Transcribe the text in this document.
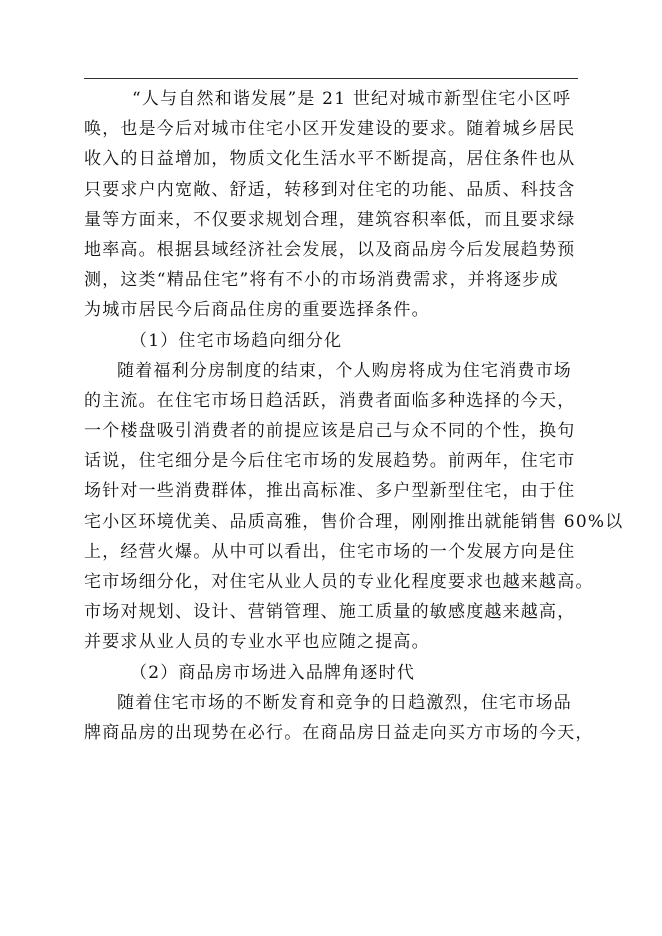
“人与自然和谐发展”是 21 世纪对城市新型住宅小区呼
唤，也是今后对城市住宅小区开发建设的要求。随着城乡居民
收入的日益增加，物质文化生活水平不断提高，居住条件也从
只要求户内宽敞、舒适，转移到对住宅的功能、品质、科技含
量等方面来，不仅要求规划合理，建筑容积率低，而且要求绿
地率高。根据县域经济社会发展，以及商品房今后发展趋势预
测，这类“精品住宅”将有不小的市场消费需求，并将逐步成
为城市居民今后商品住房的重要选择条件。
（1）住宅市场趋向细分化
随着福利分房制度的结束，个人购房将成为住宅消费市场
的主流。在住宅市场日趋活跃，消费者面临多种选择的今天，
一个楼盘吸引消费者的前提应该是启己与众不同的个性，换句
话说，住宅细分是今后住宅市场的发展趋势。前两年，住宅市
场针对一些消费群体，推出高标准、多户型新型住宅，由于住
宅小区环境优美、品质高雅，售价合理，刚刚推出就能销售 60%以
上，经营火爆。从中可以看出，住宅市场的一个发展方向是住
宅市场细分化，对住宅从业人员的专业化程度要求也越来越高。
市场对规划、设计、营销管理、施工质量的敏感度越来越高，
并要求从业人员的专业水平也应随之提高。
（2）商品房市场进入品牌角逐时代
随着住宅市场的不断发育和竞争的日趋激烈，住宅市场品
牌商品房的出现势在必行。在商品房日益走向买方市场的今天，
